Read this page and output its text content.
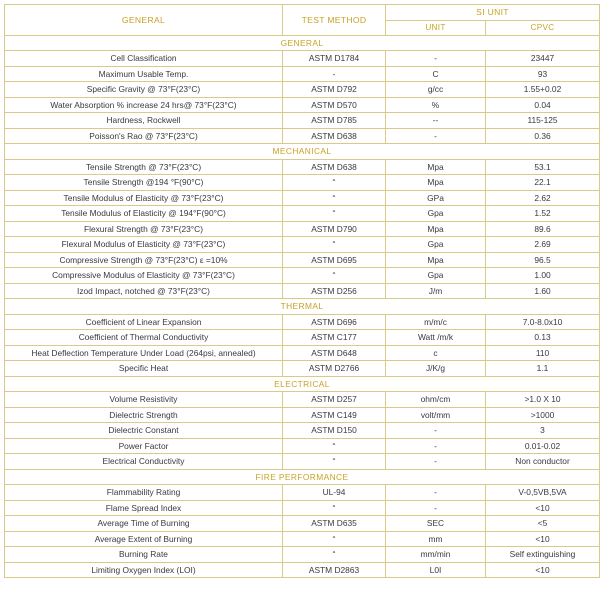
GENERAL	TEST METHOD	SI UNIT	
		UNIT	CPVC
GENERAL			
Cell Classification	ASTM D1784	-	23447
Maximum Usable Temp.	-	C	93
Specific Gravity @ 73°F(23°C)	ASTM D792	g/cc	1.55+0.02
Water Absorption % increase 24 hrs@ 73°F(23°C)	ASTM D570	%	0.04
Hardness, Rockwell	ASTM D785	--	115-125
Poisson's Rao @ 73°F(23°C)	ASTM D638	-	0.36
MECHANICAL			
Tensile Strength @ 73°F(23°C)	ASTM D638	Mpa	53.1
Tensile Strength @194 °F(90°C)	“	Mpa	22.1
Tensile Modulus of Elasticity @ 73°F(23°C)	“	GPa	2.62
Tensile Modulus of Elasticity @ 194°F(90°C)	“	Gpa	1.52
Flexural Strength @ 73°F(23°C)	ASTM D790	Mpa	89.6
Flexural Modulus of Elasticity @ 73°F(23°C)	“	Gpa	2.69
Compressive Strength @ 73°F(23°C) ε =10%	ASTM D695	Mpa	96.5
Compressive Modulus of Elasticity @ 73°F(23°C)	“	Gpa	1.00
Izod Impact, notched @ 73°F(23°C)	ASTM D256	J/m	1.60
THERMAL			
Coefficient of Linear Expansion	ASTM D696	m/m/c	7.0-8.0x10
Coefficient of Thermal Conductivity	ASTM C177	Watt /m/k	0.13
Heat Deflection Temperature Under Load (264psi, annealed)	ASTM D648	c	110
Specific Heat	ASTM D2766	J/K/g	1.1
ELECTRICAL			
Volume Resistivity	ASTM D257	ohm/cm	>1.0 X 10
Dielectric Strength	ASTM C149	volt/mm	>1000
Dielectric Constant	ASTM D150	-	3
Power Factor	“	-	0.01-0.02
Electrical Conductivity	“	-	Non conductor
FIRE PERFORMANCE			
Flammability Rating	UL-94	-	V-0,5VB,5VA
Flame Spread Index	“	-	<10
Average Time of Burning	ASTM D635	SEC	<5
Average Extent of Burning	“	mm	<10
Burning Rate	“	mm/min	Self extinguishing
Limiting Oxygen Index (LOI)	ASTM D2863	L0I	<10
